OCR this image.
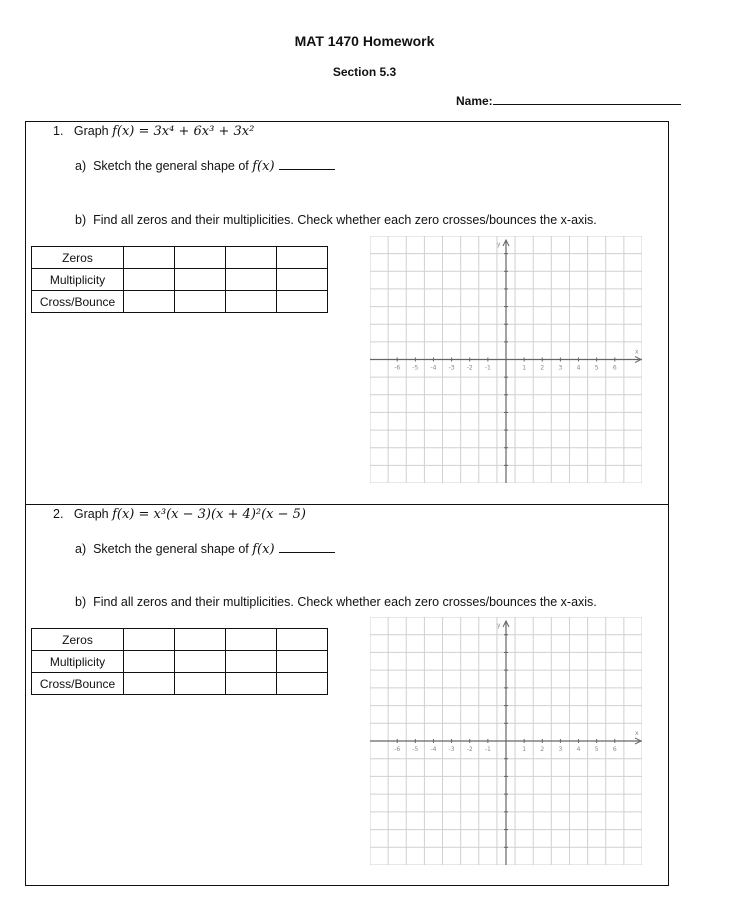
MAT 1470 Homework
Section 5.3
Name:
1. Graph f(x) = 3x⁴ + 6x³ + 3x²
a) Sketch the general shape of f(x)
b) Find all zeros and their multiplicities. Check whether each zero crosses/bounces the x-axis.
Zeros				
Multiplicity				
Cross/Bounce				
y
x
-6 -5 -4 -3 -2 -1	1 2 3 4 5 6
2. Graph f(x) = x³(x − 3)(x + 4)²(x − 5)
a) Sketch the general shape of f(x)
b) Find all zeros and their multiplicities. Check whether each zero crosses/bounces the x-axis.
Zeros				
Multiplicity				
Cross/Bounce				
y
x
-6 -5 -4 -3 -2 -1	1 2 3 4 5 6
